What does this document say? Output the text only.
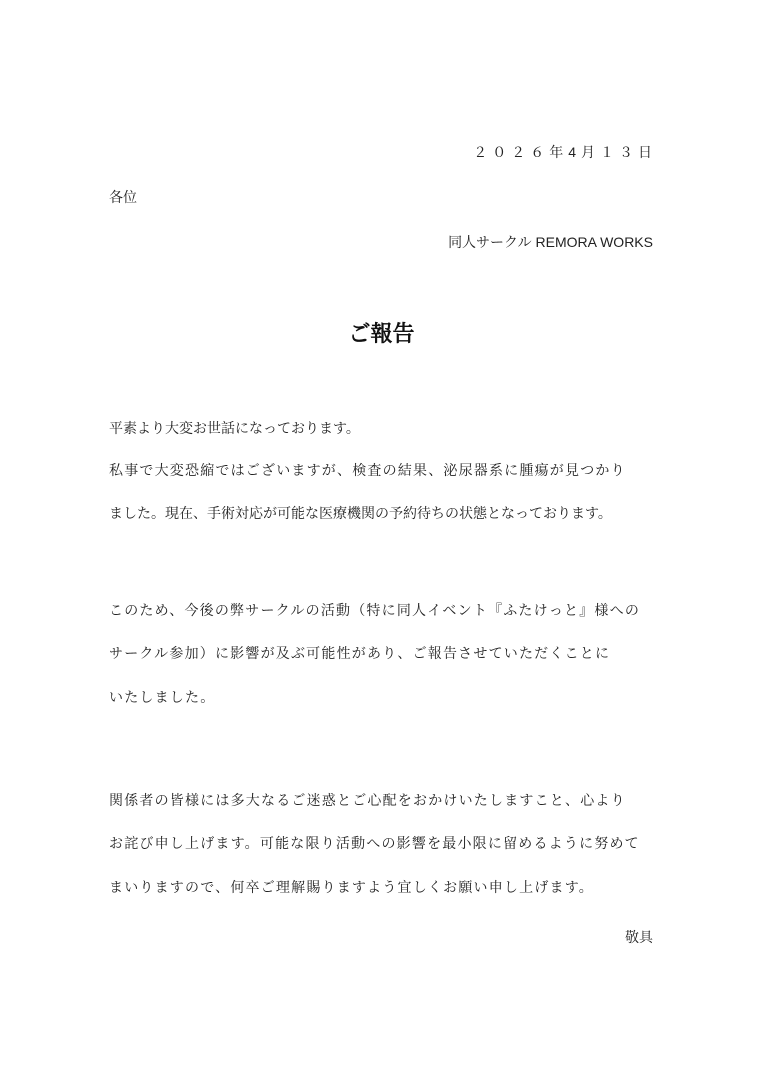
２０２６年4月１３日
各位
同人サークル REMORA WORKS
ご報告
平素より大変お世話になっております。
私事で大変恐縮ではございますが、検査の結果、泌尿器系に腫瘍が見つかり
ました。現在、手術対応が可能な医療機関の予約待ちの状態となっております。
このため、今後の弊サークルの活動（特に同人イベント『ふたけっと』様への
サークル参加）に影響が及ぶ可能性があり、ご報告させていただくことに
いたしました。
関係者の皆様には多大なるご迷惑とご心配をおかけいたしますこと、心より
お詫び申し上げます。可能な限り活動への影響を最小限に留めるように努めて
まいりますので、何卒ご理解賜りますよう宜しくお願い申し上げます。
敬具
